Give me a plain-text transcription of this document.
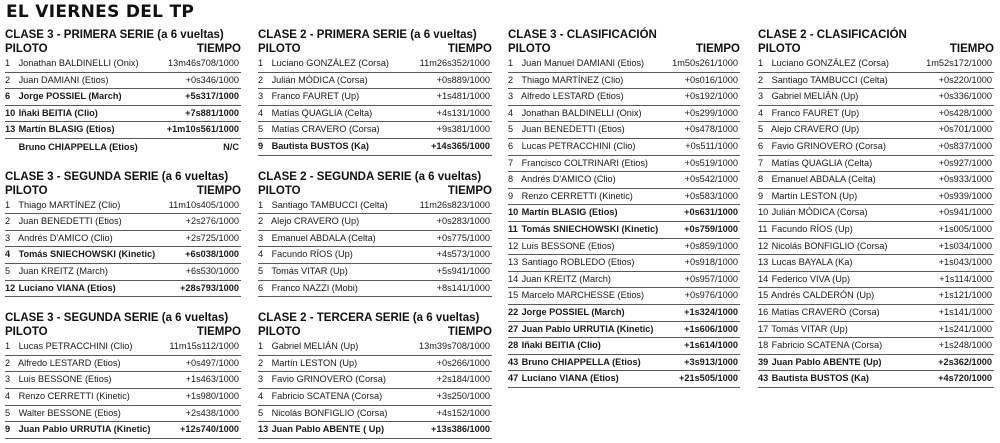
EL VIERNES DEL TP
CLASE 3 - PRIMERA SERIE (a 6 vueltas)
PILOTO	TIEMPO
1 Jonathan BALDINELLI (Onix)	13m46s708/1000
2 Juan DAMIANI (Etios)	+0s346/1000
6 Jorge POSSIEL (March)	+5s317/1000
10 Iñaki BEITIA (Clio)	+7s881/1000
13 Martín BLASIG (Etios)	+1m10s561/1000
Bruno CHIAPPELLA (Etios)	N/C
CLASE 3 - SEGUNDA SERIE (a 6 vueltas)
PILOTO	TIEMPO
1 Thiago MARTÍNEZ (Clio)	11m10s405/1000
2 Juan BENEDETTI (Etios)	+2s276/1000
3 Andrés D'AMICO (Clio)	+2s725/1000
4 Tomás SNIECHOWSKI (Kinetic)	+6s038/1000
5 Juan KREITZ (March)	+6s530/1000
12 Luciano VIANA (Etios)	+28s793/1000
CLASE 3 - SEGUNDA SERIE (a 6 vueltas)
PILOTO	TIEMPO
1 Lucas PETRACCHINI (Clio)	11m15s112/1000
2 Alfredo LESTARD (Etios)	+0s497/1000
3 Luis BESSONE (Etios)	+1s463/1000
4 Renzo CERRETTI (Kinetic)	+1s980/1000
5 Walter BESSONE (Etios)	+2s438/1000
9 Juan Pablo URRUTIA (Kinetic)	+12s740/1000
CLASE 2 - PRIMERA SERIE (a 6 vueltas)
PILOTO	TIEMPO
1 Luciano GONZÁLEZ (Corsa)	11m26s352/1000
2 Julián MÓDICA (Corsa)	+0s889/1000
3 Franco FAURET (Up)	+1s481/1000
4 Matías QUAGLIA (Celta)	+4s131/1000
5 Matías CRAVERO (Corsa)	+9s381/1000
9 Bautista BUSTOS (Ka)	+14s365/1000
CLASE 2 - SEGUNDA SERIE (a 6 vueltas)
PILOTO	TIEMPO
1 Santiago TAMBUCCI (Celta)	11m26s823/1000
2 Alejo CRAVERO (Up)	+0s283/1000
3 Emanuel ABDALA (Celta)	+0s775/1000
4 Facundo RÍOS (Up)	+4s573/1000
5 Tomás VITAR (Up)	+5s941/1000
6 Franco NAZZI (Mobi)	+8s141/1000
CLASE 2 - TERCERA SERIE (a 6 vueltas)
PILOTO	TIEMPO
1 Gabriel MELIÁN (Up)	13m39s708/1000
2 Martín LESTON (Up)	+0s266/1000
3 Favio GRINOVERO (Corsa)	+2s184/1000
4 Fabricio SCATENA (Corsa)	+3s250/1000
5 Nicolás BONFIGLIO (Corsa)	+4s152/1000
13 Juan Pablo ABENTE ( Up)	+13s386/1000
CLASE 3 - CLASIFICACIÓN
PILOTO	TIEMPO
1 Juan Manuel DAMIANI (Etios)	1m50s261/1000
2 Thiago MARTÍNEZ (Clio)	+0s016/1000
3 Alfredo LESTARD (Etios)	+0s192/1000
4 Jonathan BALDINELLI (Onix)	+0s299/1000
5 Juan BENEDETTI (Etios)	+0s478/1000
6 Lucas PETRACCHINI (Clio)	+0s511/1000
7 Francisco COLTRINARI (Etios)	+0s519/1000
8 Andrés D'AMICO (Clio)	+0s542/1000
9 Renzo CERRETTI (Kinetic)	+0s583/1000
10 Martín BLASIG (Etios)	+0s631/1000
11 Tomás SNIECHOWSKI (Kinetic)	+0s759/1000
12 Luis BESSONE (Etios)	+0s859/1000
13 Santiago ROBLEDO (Etios)	+0s918/1000
14 Juan KREITZ (March)	+0s957/1000
15 Marcelo MARCHESSE (Etios)	+0s976/1000
22 Jorge POSSIEL (March)	+1s324/1000
27 Juan Pablo URRUTIA (Kinetic)	+1s606/1000
28 Iñaki BEITIA (Clio)	+1s614/1000
43 Bruno CHIAPPELLA (Etios)	+3s913/1000
47 Luciano VIANA (Etios)	+21s505/1000
CLASE 2 - CLASIFICACIÓN
PILOTO	TIEMPO
1 Luciano GONZÁLEZ (Corsa)	1m52s172/1000
2 Santiago TAMBUCCI (Celta)	+0s220/1000
3 Gabriel MELIÁN (Up)	+0s336/1000
4 Franco FAURET (Up)	+0s428/1000
5 Alejo CRAVERO (Up)	+0s701/1000
6 Favio GRINOVERO (Corsa)	+0s837/1000
7 Matías QUAGLIA (Celta)	+0s927/1000
8 Emanuel ABDALA (Celta)	+0s933/1000
9 Martín LESTON (Up)	+0s939/1000
10 Julián MÓDICA (Corsa)	+0s941/1000
11 Facundo RÍOS (Up)	+1s005/1000
12 Nicolás BONFIGLIO (Corsa)	+1s034/1000
13 Lucas BAYALA (Ka)	+1s043/1000
14 Federico VIVA (Up)	+1s114/1000
15 Andrés CALDERÓN (Up)	+1s121/1000
16 Matías CRAVERO (Corsa)	+1s141/1000
17 Tomás VITAR (Up)	+1s241/1000
18 Fabricio SCATENA (Corsa)	+1s248/1000
39 Juan Pablo ABENTE (Up)	+2s362/1000
43 Bautista BUSTOS (Ka)	+4s720/1000
